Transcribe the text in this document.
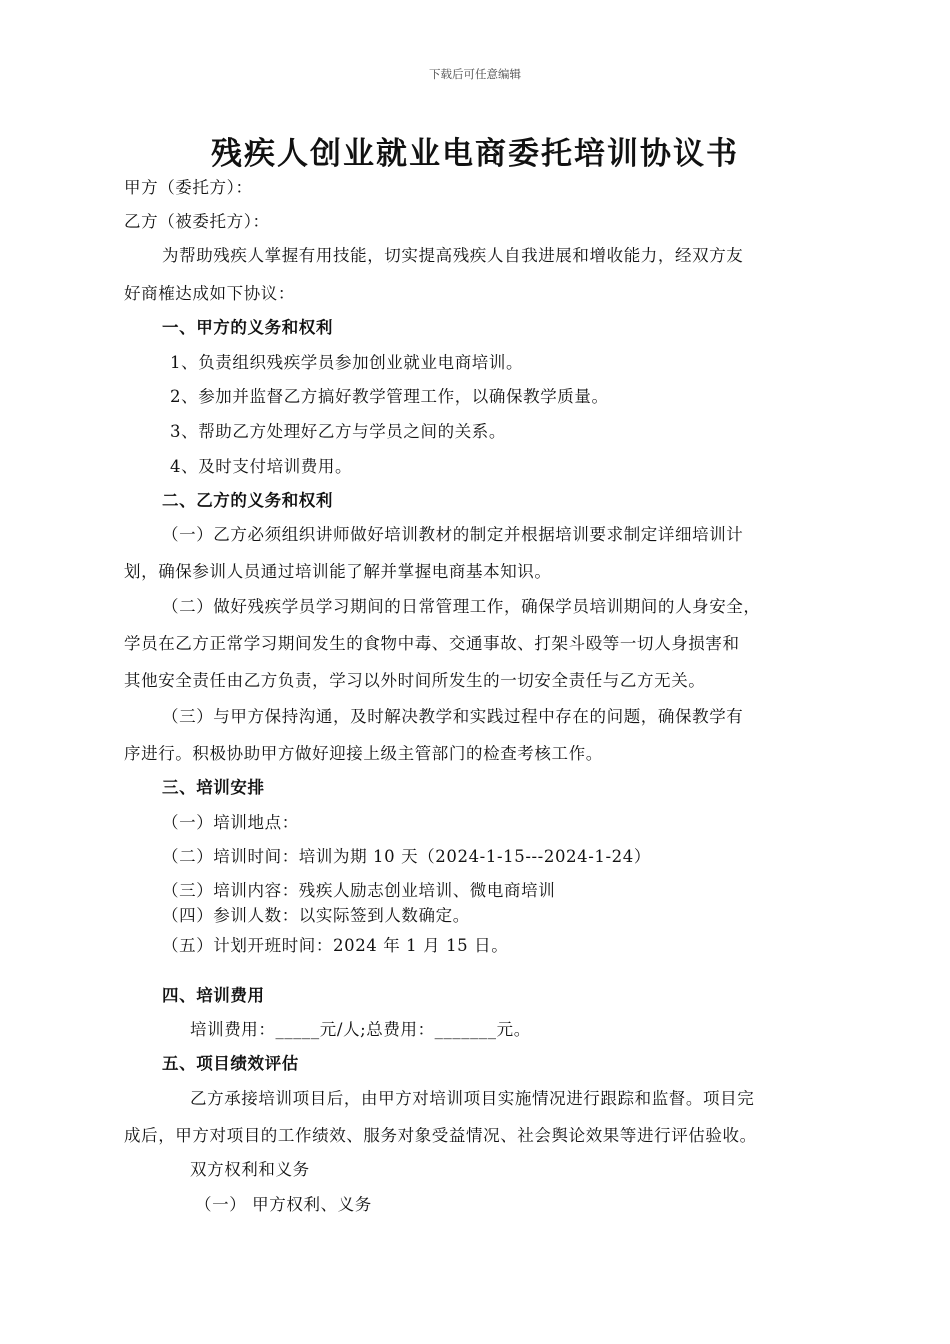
下载后可任意编辑
残疾人创业就业电商委托培训协议书
甲方（委托方）：
乙方（被委托方）：
为帮助残疾人掌握有用技能，切实提高残疾人自我进展和增收能力，经双方友
好商榷达成如下协议：
一、甲方的义务和权利
1、负责组织残疾学员参加创业就业电商培训。
2、参加并监督乙方搞好教学管理工作，以确保教学质量。
3、帮助乙方处理好乙方与学员之间的关系。
4、及时支付培训费用。
二、乙方的义务和权利
（一）乙方必须组织讲师做好培训教材的制定并根据培训要求制定详细培训计
划，确保参训人员通过培训能了解并掌握电商基本知识。
（二）做好残疾学员学习期间的日常管理工作，确保学员培训期间的人身安全，
学员在乙方正常学习期间发生的食物中毒、交通事故、打架斗殴等一切人身损害和
其他安全责任由乙方负责，学习以外时间所发生的一切安全责任与乙方无关。
（三）与甲方保持沟通，及时解决教学和实践过程中存在的问题，确保教学有
序进行。积极协助甲方做好迎接上级主管部门的检查考核工作。
三、培训安排
（一）培训地点：
（二）培训时间：培训为期 10 天（2024-1-15---2024-1-24）
（三）培训内容：残疾人励志创业培训、微电商培训
（四）参训人数：以实际签到人数确定。
（五）计划开班时间：2024 年 1 月 15 日。
四、培训费用
培训费用：_____元/人;总费用：_______元。
五、项目绩效评估
乙方承接培训项目后，由甲方对培训项目实施情况进行跟踪和监督。项目完
成后，甲方对项目的工作绩效、服务对象受益情况、社会舆论效果等进行评估验收。
双方权利和义务
（一） 甲方权利、义务
